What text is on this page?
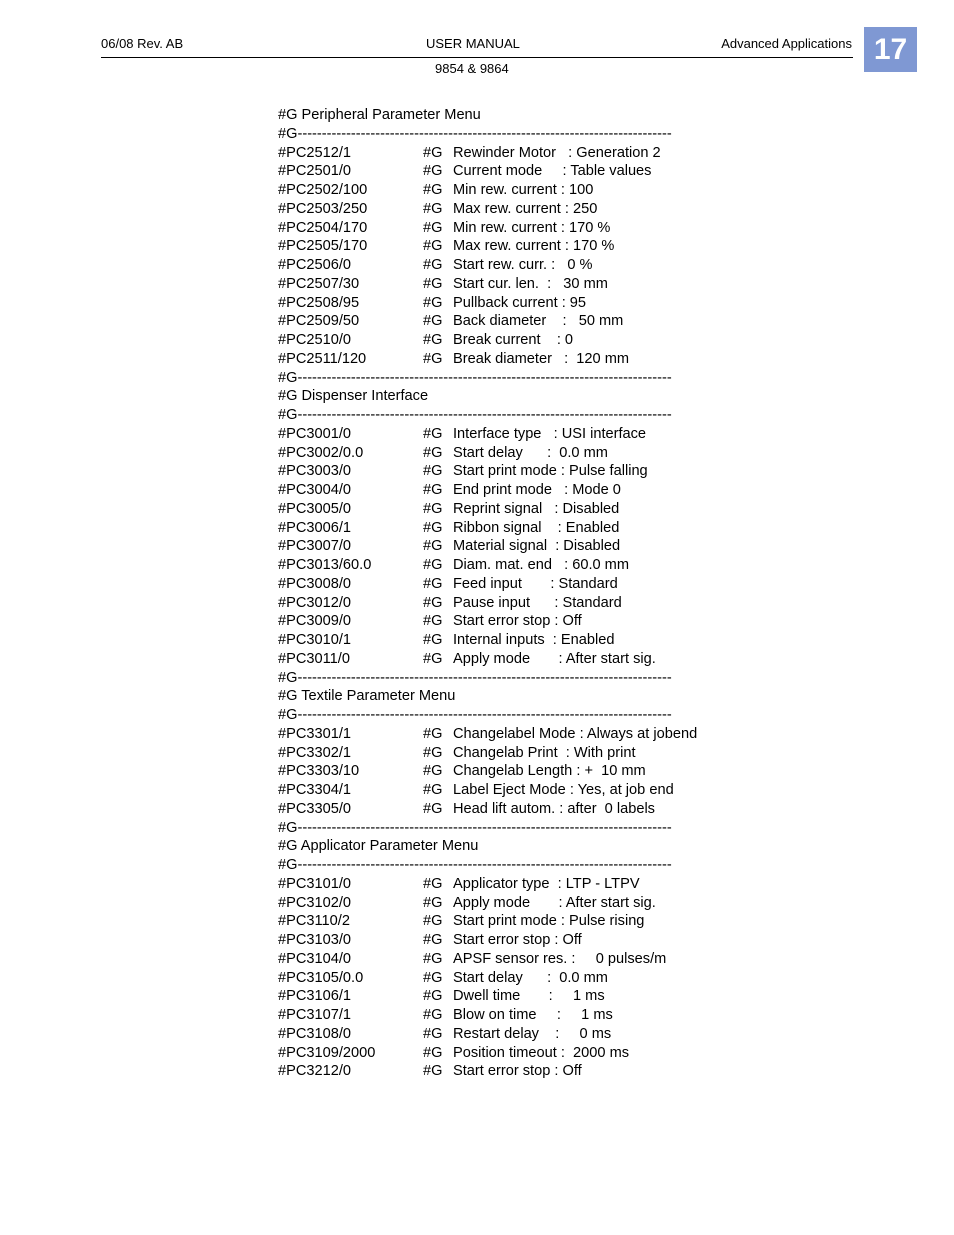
06/08 Rev. AB	USER MANUAL	Advanced Applications
9854 & 9864
17
#G Peripheral Parameter Menu
#G-----------------------------------------------------------------------------
#PC2512/1	#G Rewinder Motor   : Generation 2
#PC2501/0	#G Current mode     : Table values
#PC2502/100	#G Min rew. current : 100
#PC2503/250	#G Max rew. current : 250
#PC2504/170	#G Min rew. current : 170 %
#PC2505/170	#G Max rew. current : 170 %
#PC2506/0	#G Start rew. curr. :   0 %
#PC2507/30	#G Start cur. len.  :   30 mm
#PC2508/95	#G Pullback current : 95
#PC2509/50	#G Back diameter    :   50 mm
#PC2510/0	#G Break current    : 0
#PC2511/120	#G Break diameter   :  120 mm
#G-----------------------------------------------------------------------------
#G Dispenser Interface
#G-----------------------------------------------------------------------------
#PC3001/0	#G Interface type   : USI interface
#PC3002/0.0	#G Start delay      :  0.0 mm
#PC3003/0	#G Start print mode : Pulse falling
#PC3004/0	#G End print mode   : Mode 0
#PC3005/0	#G Reprint signal   : Disabled
#PC3006/1	#G Ribbon signal    : Enabled
#PC3007/0	#G Material signal  : Disabled
#PC3013/60.0	#G Diam. mat. end   : 60.0 mm
#PC3008/0	#G Feed input       : Standard
#PC3012/0	#G Pause input      : Standard
#PC3009/0	#G Start error stop : Off
#PC3010/1	#G Internal inputs  : Enabled
#PC3011/0	#G Apply mode       : After start sig.
#G-----------------------------------------------------------------------------
#G Textile Parameter Menu
#G-----------------------------------------------------------------------------
#PC3301/1	#G Changelabel Mode : Always at jobend
#PC3302/1	#G Changelab Print  : With print
#PC3303/10	#G Changelab Length : +  10 mm
#PC3304/1	#G Label Eject Mode : Yes, at job end
#PC3305/0	#G Head lift autom. : after  0 labels
#G-----------------------------------------------------------------------------
#G Applicator Parameter Menu
#G-----------------------------------------------------------------------------
#PC3101/0	#G Applicator type  : LTP - LTPV
#PC3102/0	#G Apply mode       : After start sig.
#PC3110/2	#G Start print mode : Pulse rising
#PC3103/0	#G Start error stop : Off
#PC3104/0	#G APSF sensor res. :     0 pulses/m
#PC3105/0.0	#G Start delay      :  0.0 mm
#PC3106/1	#G Dwell time       :     1 ms
#PC3107/1	#G Blow on time     :     1 ms
#PC3108/0	#G Restart delay    :     0 ms
#PC3109/2000	#G Position timeout :  2000 ms
#PC3212/0	#G Start error stop : Off
